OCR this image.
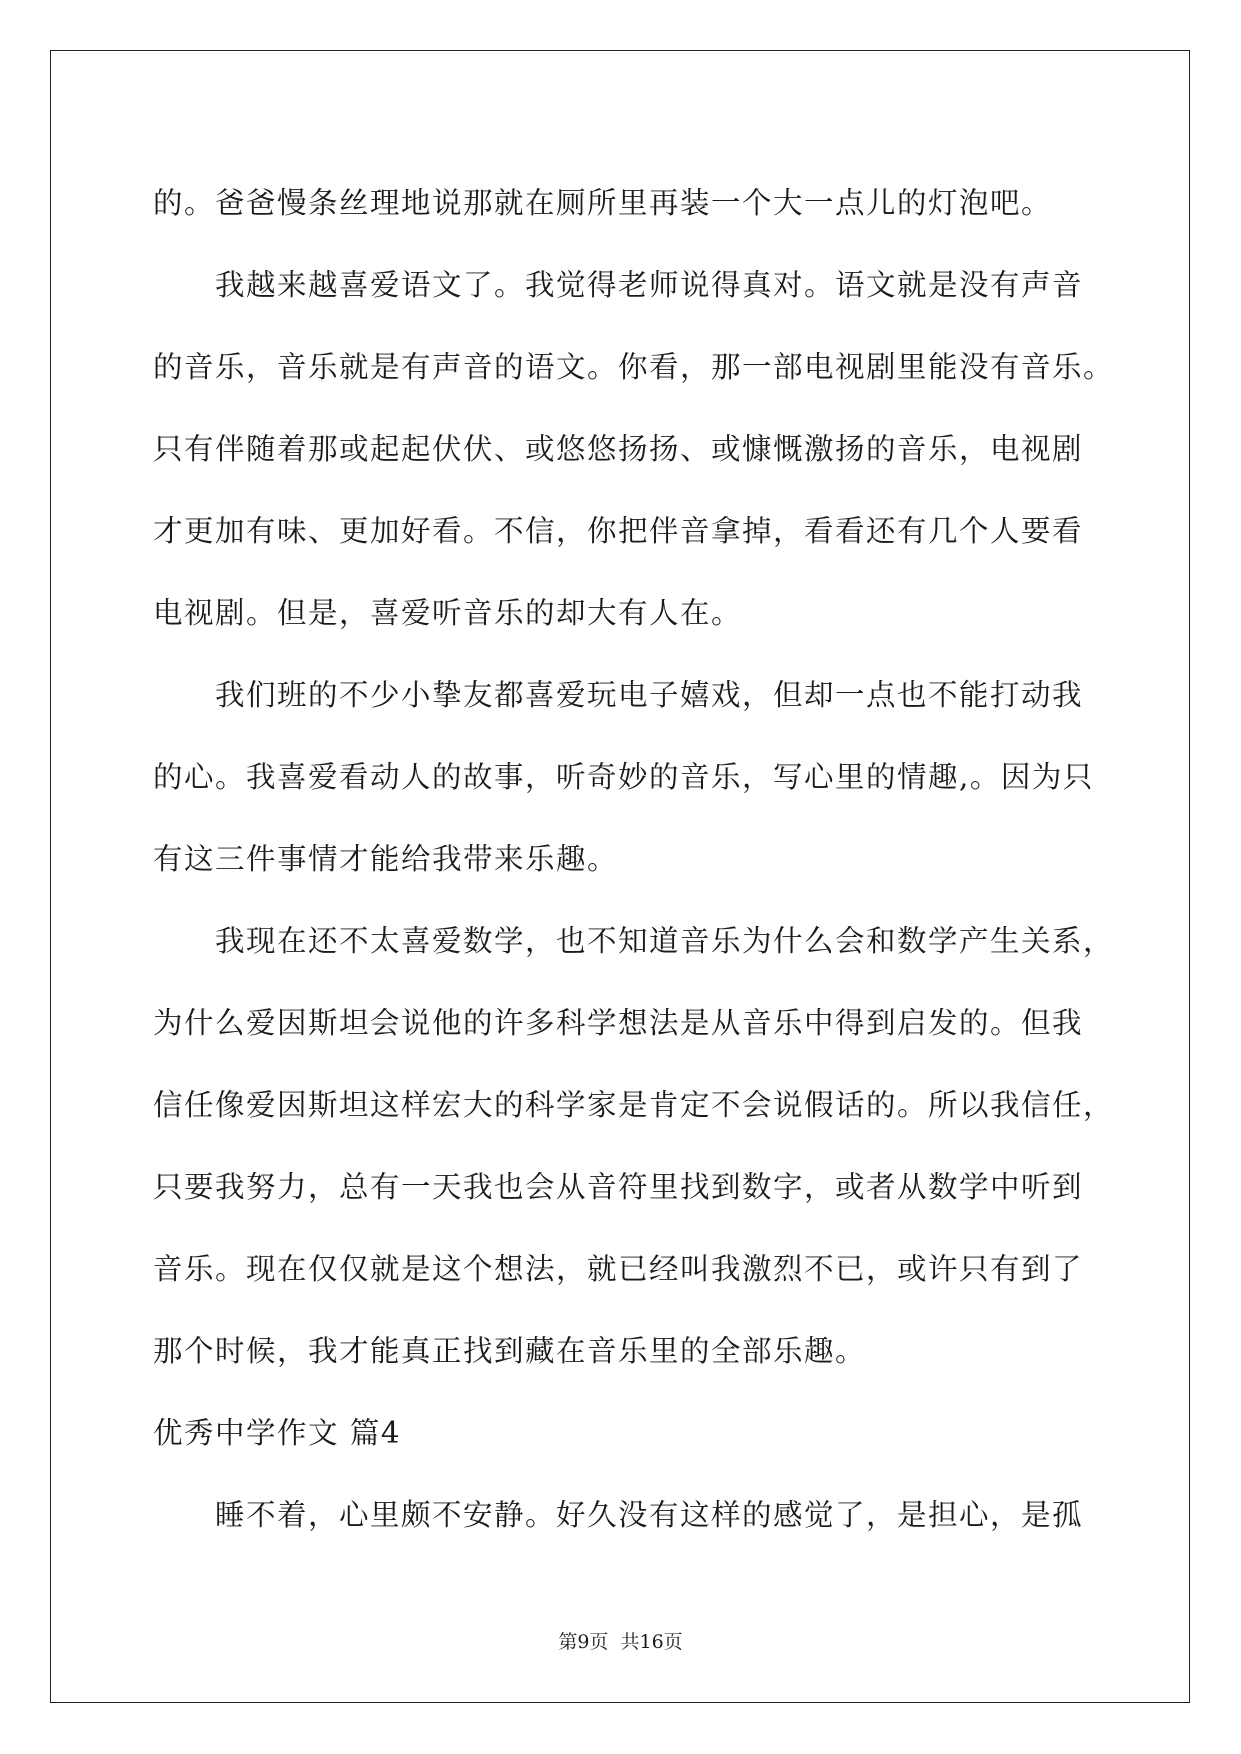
的。爸爸慢条丝理地说那就在厕所里再装一个大一点儿的灯泡吧。

我越来越喜爱语文了。我觉得老师说得真对。语文就是没有声音

的音乐，音乐就是有声音的语文。你看，那一部电视剧里能没有音乐。

只有伴随着那或起起伏伏、或悠悠扬扬、或慷慨激扬的音乐，电视剧

才更加有味、更加好看。不信，你把伴音拿掉，看看还有几个人要看

电视剧。但是，喜爱听音乐的却大有人在。

我们班的不少小挚友都喜爱玩电子嬉戏，但却一点也不能打动我

的心。我喜爱看动人的故事，听奇妙的音乐，写心里的情趣,。因为只

有这三件事情才能给我带来乐趣。

我现在还不太喜爱数学，也不知道音乐为什么会和数学产生关系，

为什么爱因斯坦会说他的许多科学想法是从音乐中得到启发的。但我

信任像爱因斯坦这样宏大的科学家是肯定不会说假话的。所以我信任，

只要我努力，总有一天我也会从音符里找到数字，或者从数学中听到

音乐。现在仅仅就是这个想法，就已经叫我激烈不已，或许只有到了

那个时候，我才能真正找到藏在音乐里的全部乐趣。

优秀中学作文 篇4

睡不着，心里颇不安静。好久没有这样的感觉了，是担心，是孤

第9页  共16页
